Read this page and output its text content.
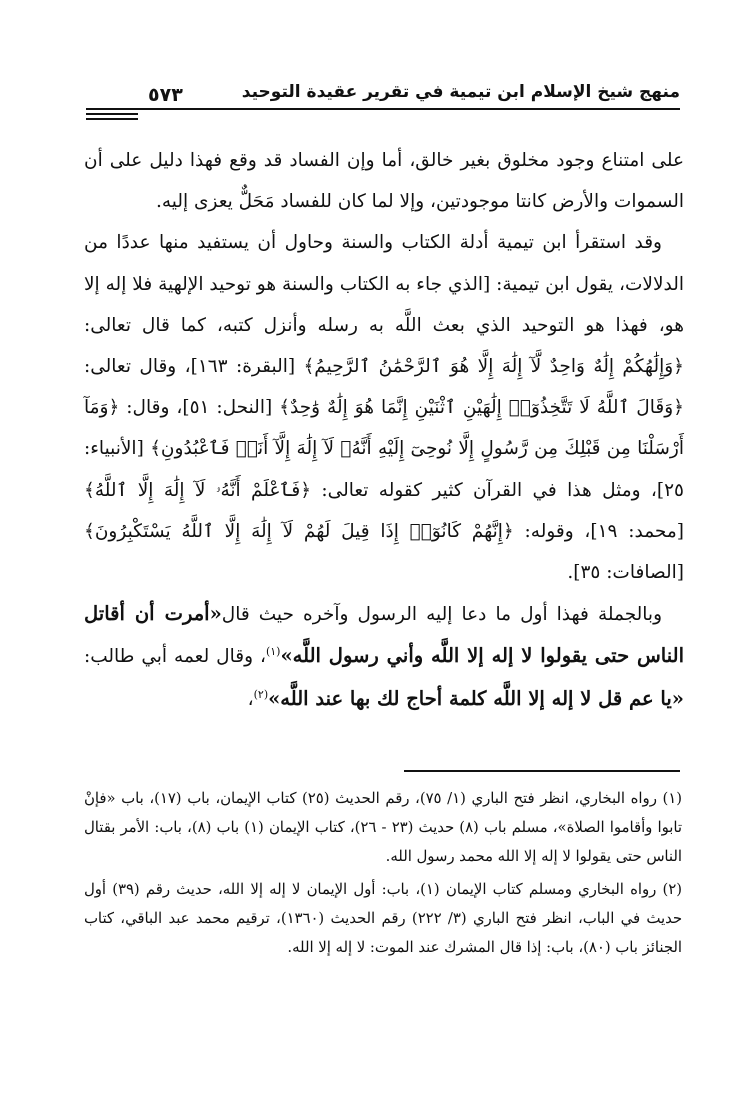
منهج شيخ الإسلام ابن تيمية في تقرير عقيدة التوحيد
٥٧٣

على امتناع وجود مخلوق بغير خالق، أما وإن الفساد قد وقع فهذا دليل على أن السموات والأرض كانتا موجودتين، وإلا لما كان للفساد مَحَلٌّ يعزى إليه.

وقد استقرأ ابن تيمية أدلة الكتاب والسنة وحاول أن يستفيد منها عددًا من الدلالات، يقول ابن تيمية: [الذي جاء به الكتاب والسنة هو توحيد الإلهية فلا إله إلا هو، فهذا هو التوحيد الذي بعث اللَّه به رسله وأنزل كتبه، كما قال تعالى: ﴿وَإِلَٰهُكُمْ إِلَٰهٌ وَاحِدٌ لَّآ إِلَٰهَ إِلَّا هُوَ ٱلرَّحْمَٰنُ ٱلرَّحِيمُ﴾ [البقرة: ١٦٣]، وقال تعالى: ﴿وَقَالَ ٱللَّهُ لَا تَتَّخِذُوٓا۟ إِلَٰهَيْنِ ٱثْنَيْنِ إِنَّمَا هُوَ إِلَٰهٌ وَٰحِدٌ﴾ [النحل: ٥١]، وقال: ﴿وَمَآ أَرْسَلْنَا مِن قَبْلِكَ مِن رَّسُولٍ إِلَّا نُوحِىٓ إِلَيْهِ أَنَّهُۥ لَآ إِلَٰهَ إِلَّآ أَنَا۠ فَٱعْبُدُونِ﴾ [الأنبياء: ٢٥]، ومثل هذا في القرآن كثير كقوله تعالى: ﴿فَٱعْلَمْ أَنَّهُۥ لَآ إِلَٰهَ إِلَّا ٱللَّهُ﴾ [محمد: ١٩]، وقوله: ﴿إِنَّهُمْ كَانُوٓا۟ إِذَا قِيلَ لَهُمْ لَآ إِلَٰهَ إِلَّا ٱللَّهُ يَسْتَكْبِرُونَ﴾ [الصافات: ٣٥].

وبالجملة فهذا أول ما دعا إليه الرسول وآخره حيث قال«أمرت أن أقاتل الناس حتى يقولوا لا إله إلا اللَّه وأني رسول اللَّه»$^{(١)}$، وقال لعمه أبي طالب: «يا عم قل لا إله إلا اللَّه كلمة أحاج لك بها عند اللَّه»$^{(٢)}$،

(١) رواه البخاري، انظر فتح الباري (١/ ٧٥)، رقم الحديث (٢٥) كتاب الإيمان، باب (١٧)، باب «فإنْ تابوا وأقاموا الصلاة»، مسلم باب (٨) حديث (٢٣ - ٢٦)، كتاب الإيمان (١) باب (٨)، باب: الأمر بقتال الناس حتى يقولوا لا إله إلا الله محمد رسول الله.

(٢) رواه البخاري ومسلم كتاب الإيمان (١)، باب: أول الإيمان لا إله إلا الله، حديث رقم (٣٩) أول حديث في الباب، انظر فتح الباري (٣/ ٢٢٢) رقم الحديث (١٣٦٠)، ترقيم محمد عبد الباقي، كتاب الجنائز باب (٨٠)، باب: إذا قال المشرك عند الموت: لا إله إلا الله.
